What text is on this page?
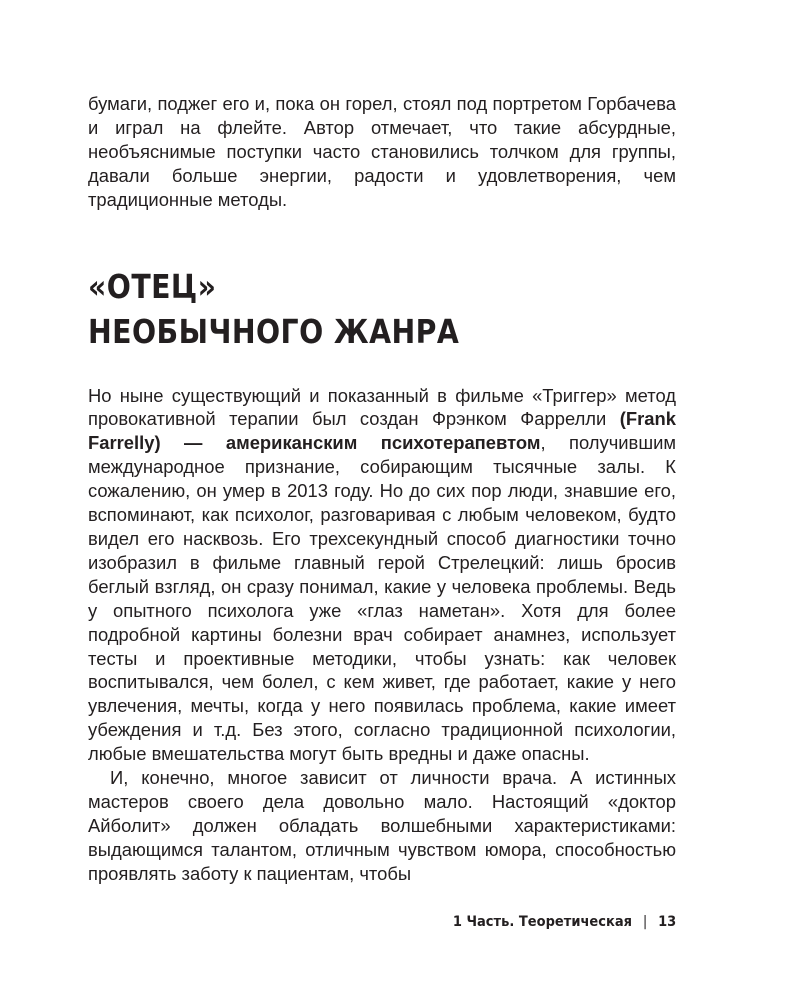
бумаги, поджег его и, пока он горел, стоял под портретом Горбачева и играл на флейте. Автор отмечает, что такие абсурдные, необъяснимые поступки часто становились толчком для группы, давали больше энергии, радости и удовлетворения, чем традиционные методы.

«ОТЕЦ»
НЕОБЫЧНОГО ЖАНРА

Но ныне существующий и показанный в фильме «Триггер» метод провокативной терапии был создан Фрэнком Фаррелли (Frank Farrelly) — американским психотерапевтом, получившим международное признание, собирающим тысячные залы. К сожалению, он умер в 2013 году. Но до сих пор люди, знавшие его, вспоминают, как психолог, разговаривая с любым человеком, будто видел его насквозь. Его трехсекундный способ диагностики точно изобразил в фильме главный герой Стрелецкий: лишь бросив беглый взгляд, он сразу понимал, какие у человека проблемы. Ведь у опытного психолога уже «глаз наметан». Хотя для более подробной картины болезни врач собирает анамнез, использует тесты и проективные методики, чтобы узнать: как человек воспитывался, чем болел, с кем живет, где работает, какие у него увлечения, мечты, когда у него появилась проблема, какие имеет убеждения и т.д. Без этого, согласно традиционной психологии, любые вмешательства могут быть вредны и даже опасны.

И, конечно, многое зависит от личности врача. А истинных мастеров своего дела довольно мало. Настоящий «доктор Айболит» должен обладать волшебными характеристиками: выдающимся талантом, отличным чувством юмора, способностью проявлять заботу к пациентам, чтобы

1 Часть. Теоретическая | 13
